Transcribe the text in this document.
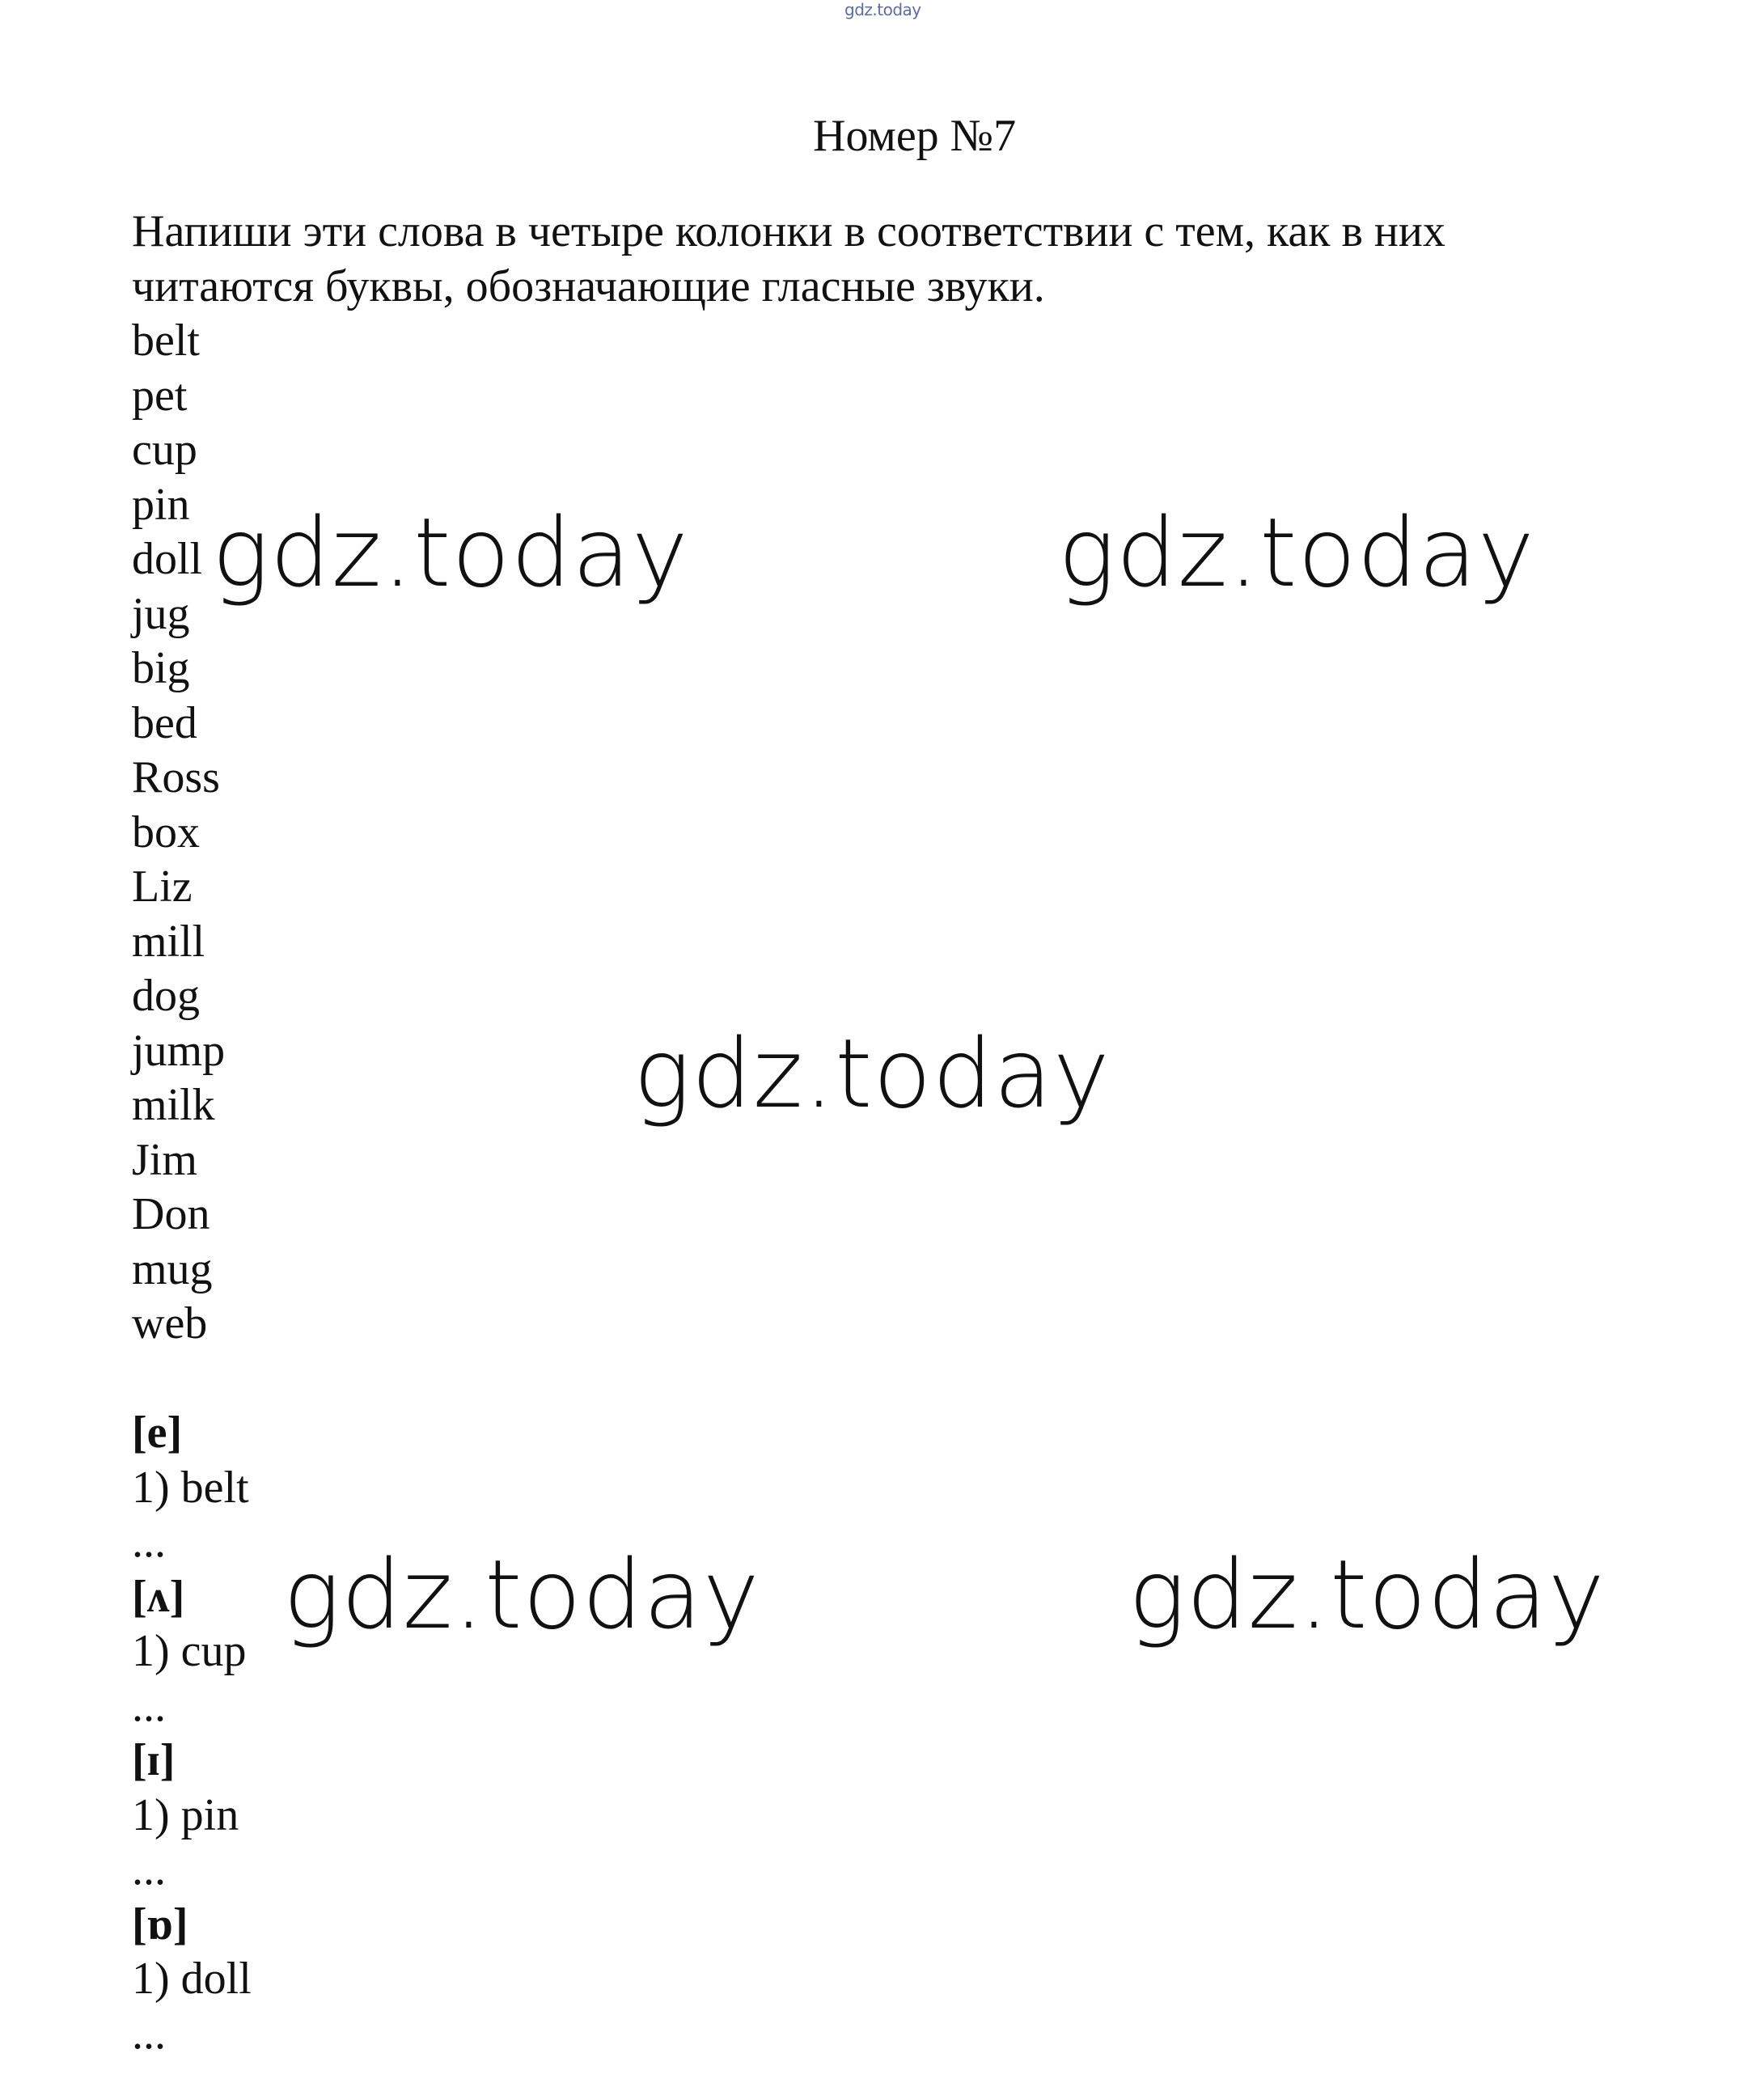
gdz.today
Номер №7
Напиши эти слова в четыре колонки в соответствии с тем, как в них
читаются буквы, обозначающие гласные звуки.
belt
pet
cup
pin
doll
jug
big
bed
Ross
box
Liz
mill
dog
jump
milk
Jim
Don
mug
web
[e]
1) belt
...
[ʌ]
1) cup
...
[ɪ]
1) pin
...
[ɒ]
1) doll
...
gdz.today	gdz.today
gdz.today
gdz.today	gdz.today
